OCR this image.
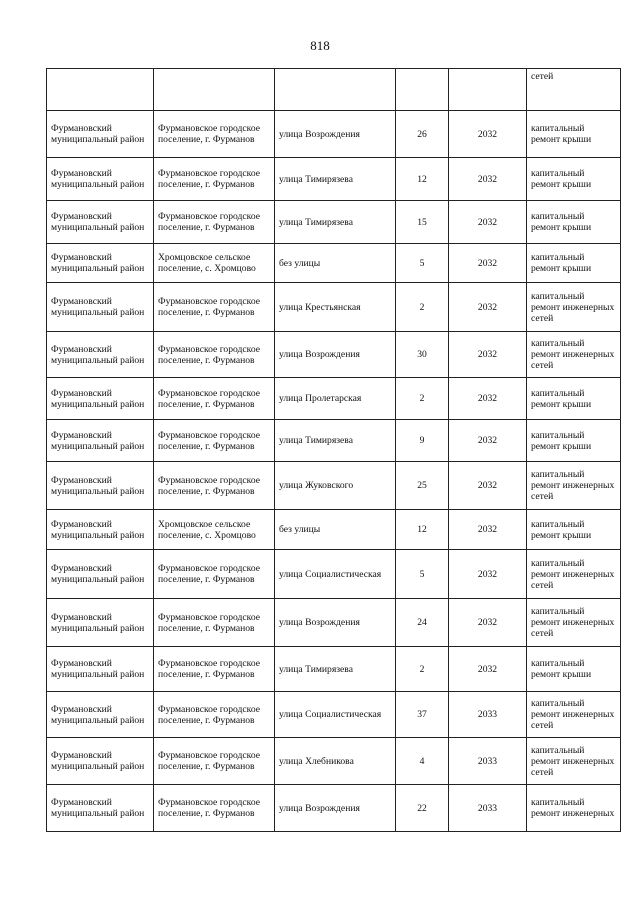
818
					сетей
Фурмановский муниципальный район	Фурмановское городское поселение, г. Фурманов	улица Возрождения	26	2032	капитальный ремонт крыши
Фурмановский муниципальный район	Фурмановское городское поселение, г. Фурманов	улица Тимирязева	12	2032	капитальный ремонт крыши
Фурмановский муниципальный район	Фурмановское городское поселение, г. Фурманов	улица Тимирязева	15	2032	капитальный ремонт крыши
Фурмановский муниципальный район	Хромцовское сельское поселение, с. Хромцово	без улицы	5	2032	капитальный ремонт крыши
Фурмановский муниципальный район	Фурмановское городское поселение, г. Фурманов	улица Крестьянская	2	2032	капитальный ремонт инженерных сетей
Фурмановский муниципальный район	Фурмановское городское поселение, г. Фурманов	улица Возрождения	30	2032	капитальный ремонт инженерных сетей
Фурмановский муниципальный район	Фурмановское городское поселение, г. Фурманов	улица Пролетарская	2	2032	капитальный ремонт крыши
Фурмановский муниципальный район	Фурмановское городское поселение, г. Фурманов	улица Тимирязева	9	2032	капитальный ремонт крыши
Фурмановский муниципальный район	Фурмановское городское поселение, г. Фурманов	улица Жуковского	25	2032	капитальный ремонт инженерных сетей
Фурмановский муниципальный район	Хромцовское сельское поселение, с. Хромцово	без улицы	12	2032	капитальный ремонт крыши
Фурмановский муниципальный район	Фурмановское городское поселение, г. Фурманов	улица Социалистическая	5	2032	капитальный ремонт инженерных сетей
Фурмановский муниципальный район	Фурмановское городское поселение, г. Фурманов	улица Возрождения	24	2032	капитальный ремонт инженерных сетей
Фурмановский муниципальный район	Фурмановское городское поселение, г. Фурманов	улица Тимирязева	2	2032	капитальный ремонт крыши
Фурмановский муниципальный район	Фурмановское городское поселение, г. Фурманов	улица Социалистическая	37	2033	капитальный ремонт инженерных сетей
Фурмановский муниципальный район	Фурмановское городское поселение, г. Фурманов	улица Хлебникова	4	2033	капитальный ремонт инженерных сетей
Фурмановский муниципальный район	Фурмановское городское поселение, г. Фурманов	улица Возрождения	22	2033	капитальный ремонт инженерных
